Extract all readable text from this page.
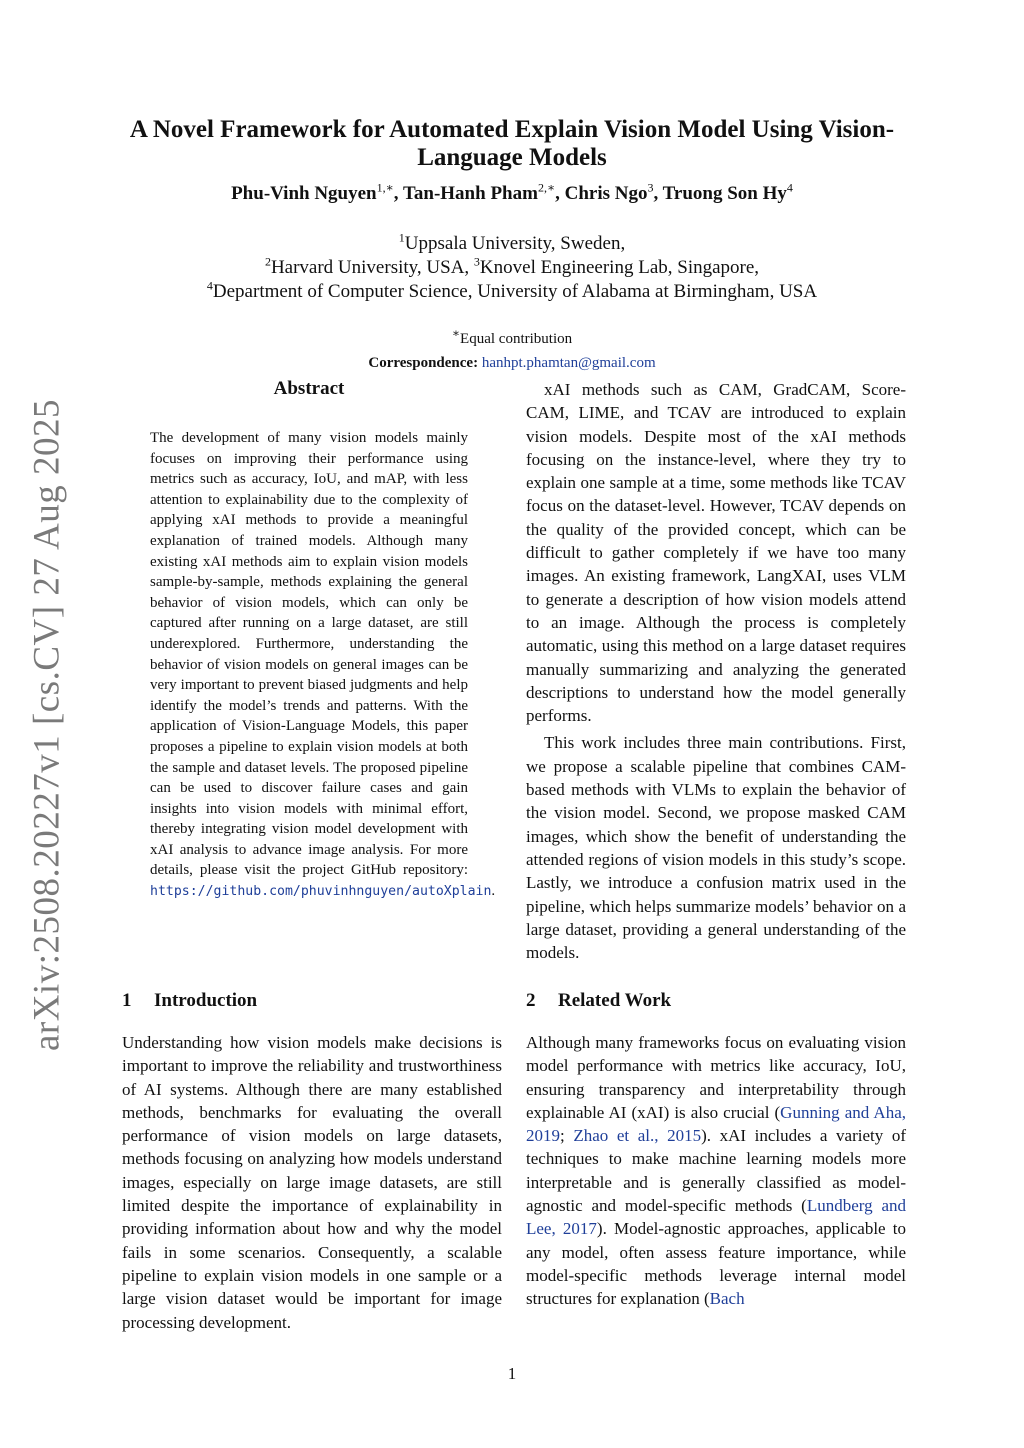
arXiv:2508.20227v1 [cs.CV] 27 Aug 2025
A Novel Framework for Automated Explain Vision Model Using Vision-Language Models
Phu-Vinh Nguyen$^{1,∗}$, Tan-Hanh Pham$^{2,∗}$, Chris Ngo$^3$, Truong Son Hy$^4$
$^1$Uppsala University, Sweden,
$^2$Harvard University, USA, $^3$Knovel Engineering Lab, Singapore,
$^4$Department of Computer Science, University of Alabama at Birmingham, USA
∗Equal contribution
Correspondence: hanhpt.phamtan@gmail.com
Abstract

The development of many vision models mainly focuses on improving their performance using metrics such as accuracy, IoU, and mAP, with less attention to explainability due to the complexity of applying xAI methods to provide a meaningful explanation of trained models. Although many existing xAI methods aim to explain vision models sample-by-sample, methods explaining the general behavior of vision models, which can only be captured after running on a large dataset, are still underexplored. Furthermore, understanding the behavior of vision models on general images can be very important to prevent biased judgments and help identify the model’s trends and patterns. With the application of Vision-Language Models, this paper proposes a pipeline to explain vision models at both the sample and dataset levels. The proposed pipeline can be used to discover failure cases and gain insights into vision models with minimal effort, thereby integrating vision model development with xAI analysis to advance image analysis. For more details, please visit the project GitHub repository: https://github.com/phuvinhnguyen/autoXplain.

xAI methods such as CAM, GradCAM, Score-CAM, LIME, and TCAV are introduced to explain vision models. Despite most of the xAI methods focusing on the instance-level, where they try to explain one sample at a time, some methods like TCAV focus on the dataset-level. However, TCAV depends on the quality of the provided concept, which can be difficult to gather completely if we have too many images. An existing framework, LangXAI, uses VLM to generate a description of how vision models attend to an image. Although the process is completely automatic, using this method on a large dataset requires manually summarizing and analyzing the generated descriptions to understand how the model generally performs.

This work includes three main contributions. First, we propose a scalable pipeline that combines CAM-based methods with VLMs to explain the behavior of the vision model. Second, we propose masked CAM images, which show the benefit of understanding the attended regions of vision models in this study’s scope. Lastly, we introduce a confusion matrix used in the pipeline, which helps summarize models’ behavior on a large dataset, providing a general understanding of the models.

1 Introduction

Understanding how vision models make decisions is important to improve the reliability and trustworthiness of AI systems. Although there are many established methods, benchmarks for evaluating the overall performance of vision models on large datasets, methods focusing on analyzing how models understand images, especially on large image datasets, are still limited despite the importance of explainability in providing information about how and why the model fails in some scenarios. Consequently, a scalable pipeline to explain vision models in one sample or a large vision dataset would be important for image processing development.

2 Related Work

Although many frameworks focus on evaluating vision model performance with metrics like accuracy, IoU, ensuring transparency and interpretability through explainable AI (xAI) is also crucial (Gunning and Aha, 2019; Zhao et al., 2015). xAI includes a variety of techniques to make machine learning models more interpretable and is generally classified as model-agnostic and model-specific methods (Lundberg and Lee, 2017). Model-agnostic approaches, applicable to any model, often assess feature importance, while model-specific methods leverage internal model structures for explanation (Bach

1
